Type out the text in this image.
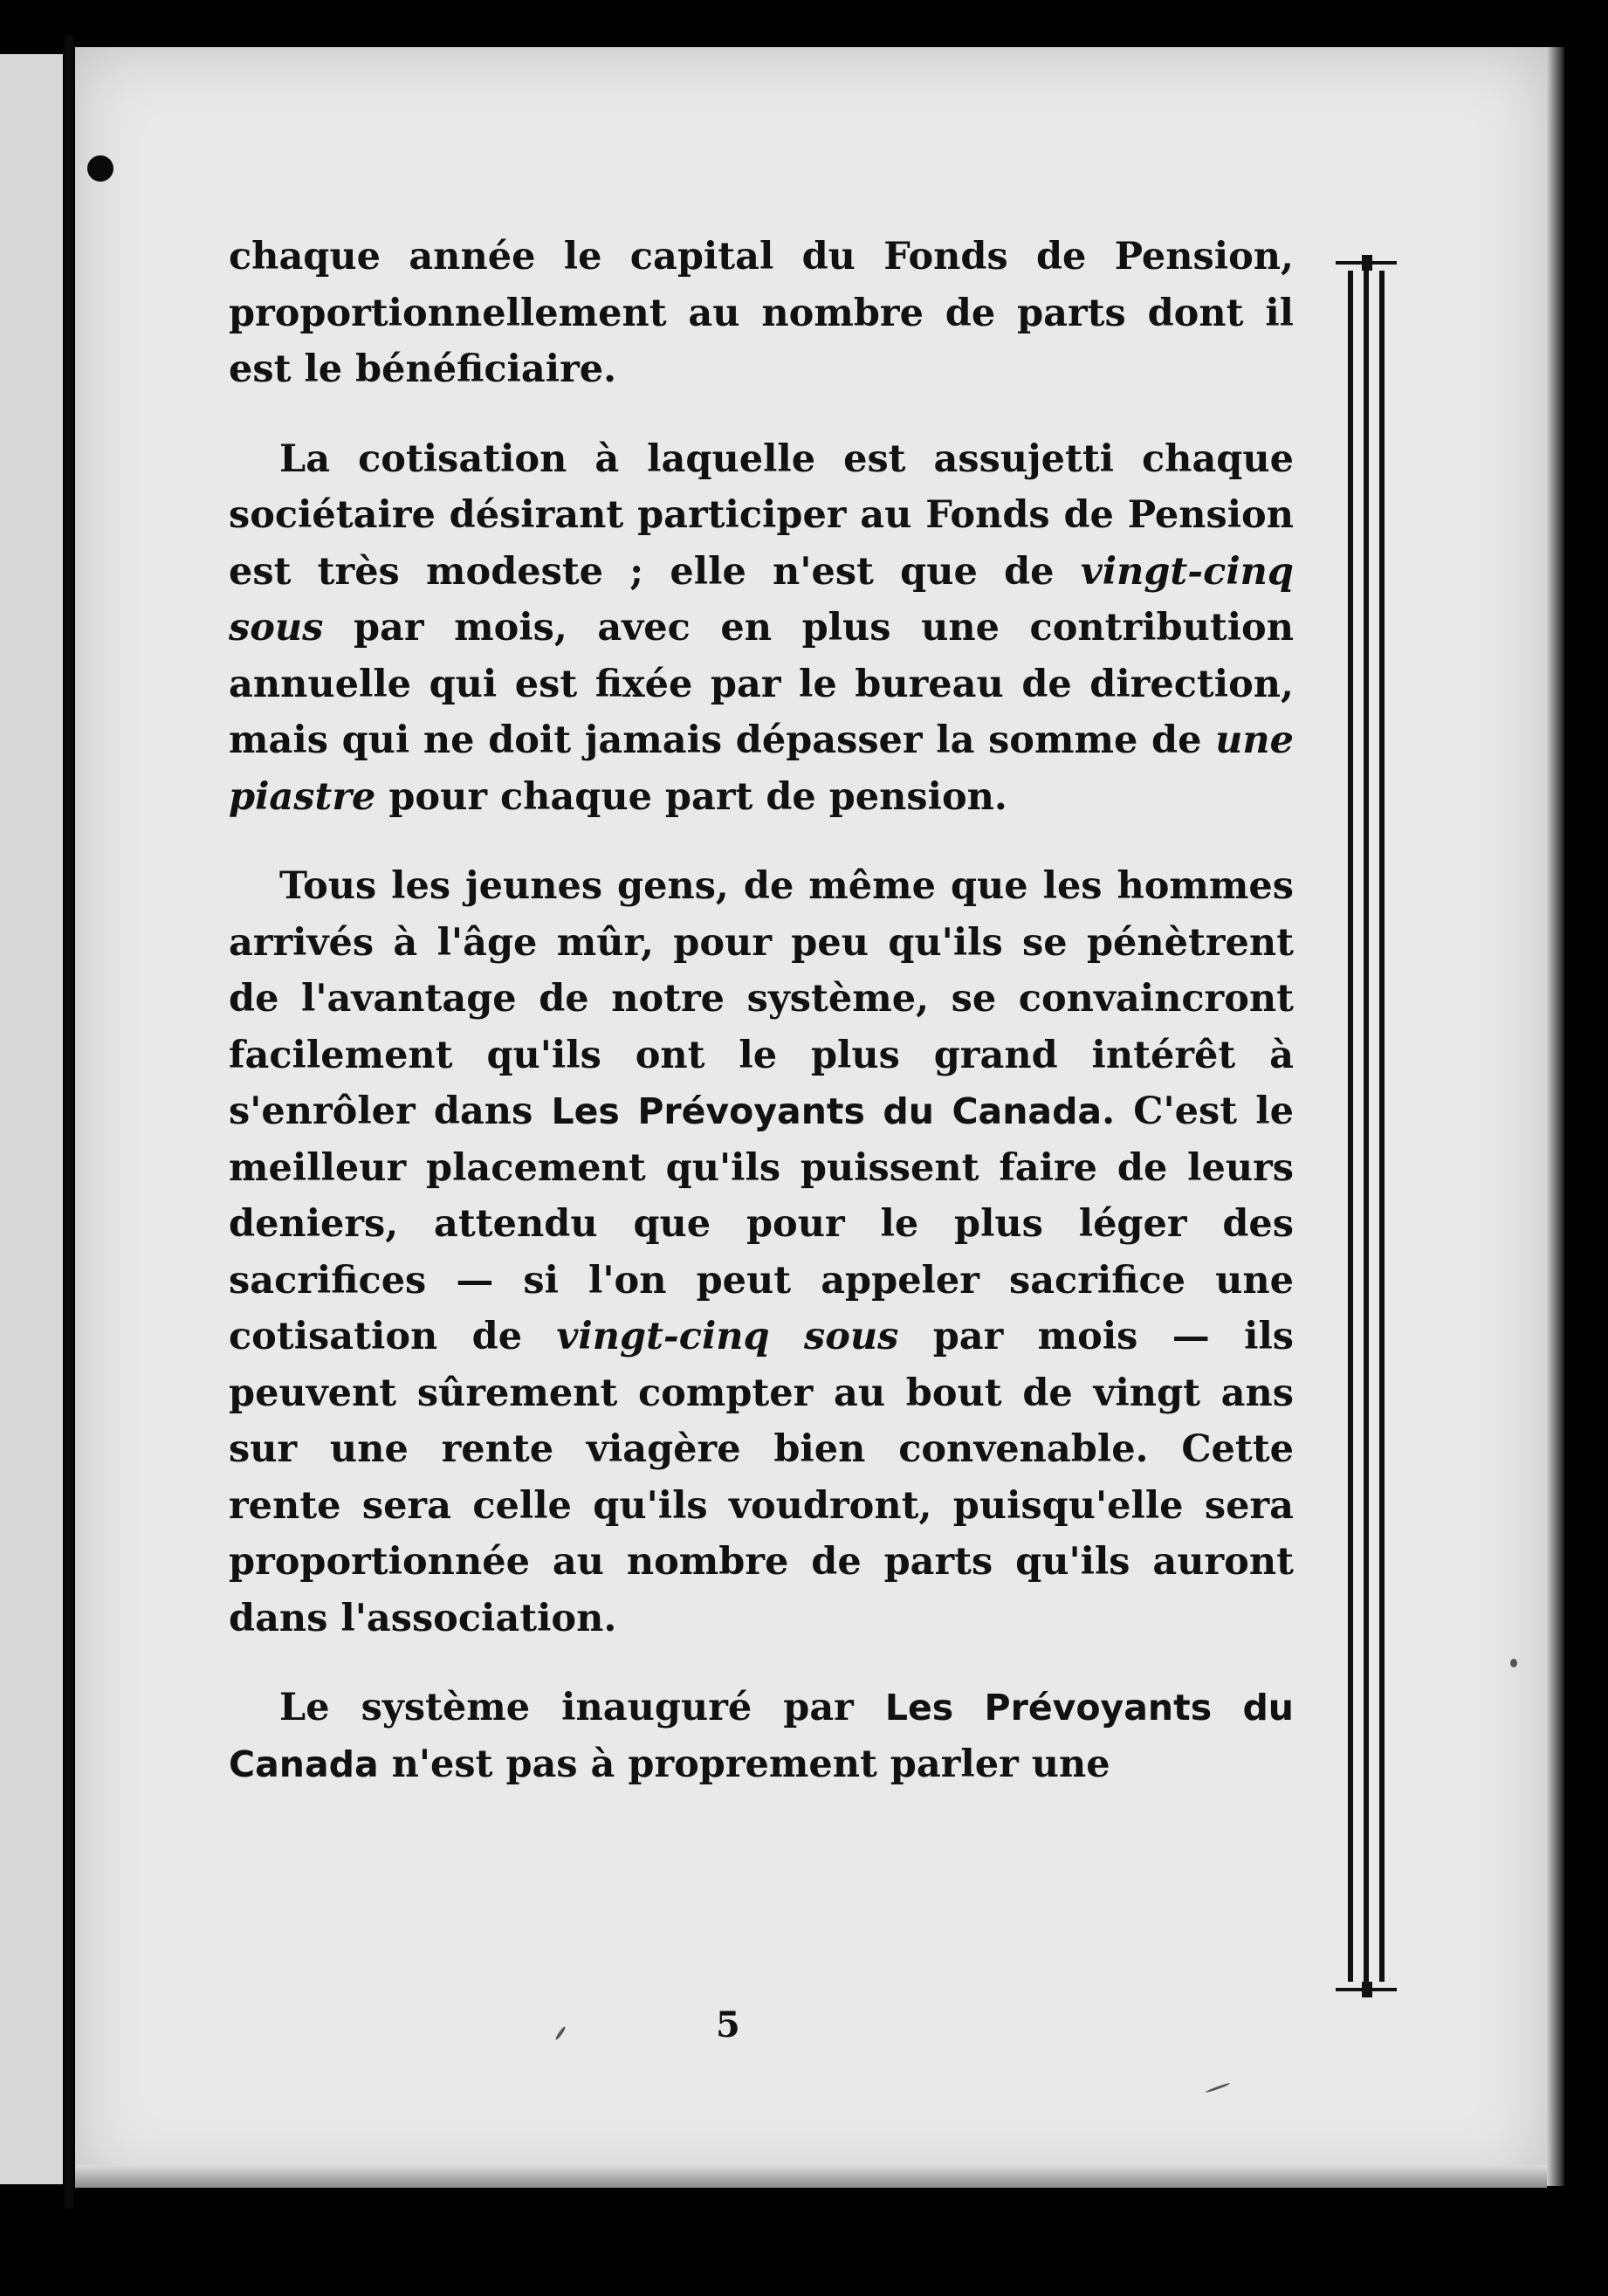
chaque année le capital du Fonds de Pension, proportionnellement au nombre de parts dont il est le bénéficiaire.

La cotisation à laquelle est assujetti chaque sociétaire désirant participer au Fonds de Pension est très modeste ; elle n'est que de vingt-cinq sous par mois, avec en plus une contribution annuelle qui est fixée par le bureau de direction, mais qui ne doit jamais dépasser la somme de une piastre pour chaque part de pension.

Tous les jeunes gens, de même que les hommes arrivés à l'âge mûr, pour peu qu'ils se pénètrent de l'avantage de notre système, se convaincront facilement qu'ils ont le plus grand intérêt à s'enrôler dans Les Prévoyants du Canada. C'est le meilleur placement qu'ils puissent faire de leurs deniers, attendu que pour le plus léger des sacrifices — si l'on peut appeler sacrifice une cotisation de vingt-cinq sous par mois — ils peuvent sûrement compter au bout de vingt ans sur une rente viagère bien convenable. Cette rente sera celle qu'ils voudront, puisqu'elle sera proportionnée au nombre de parts qu'ils auront dans l'association.

Le système inauguré par Les Prévoyants du Canada n'est pas à proprement parler une

5
